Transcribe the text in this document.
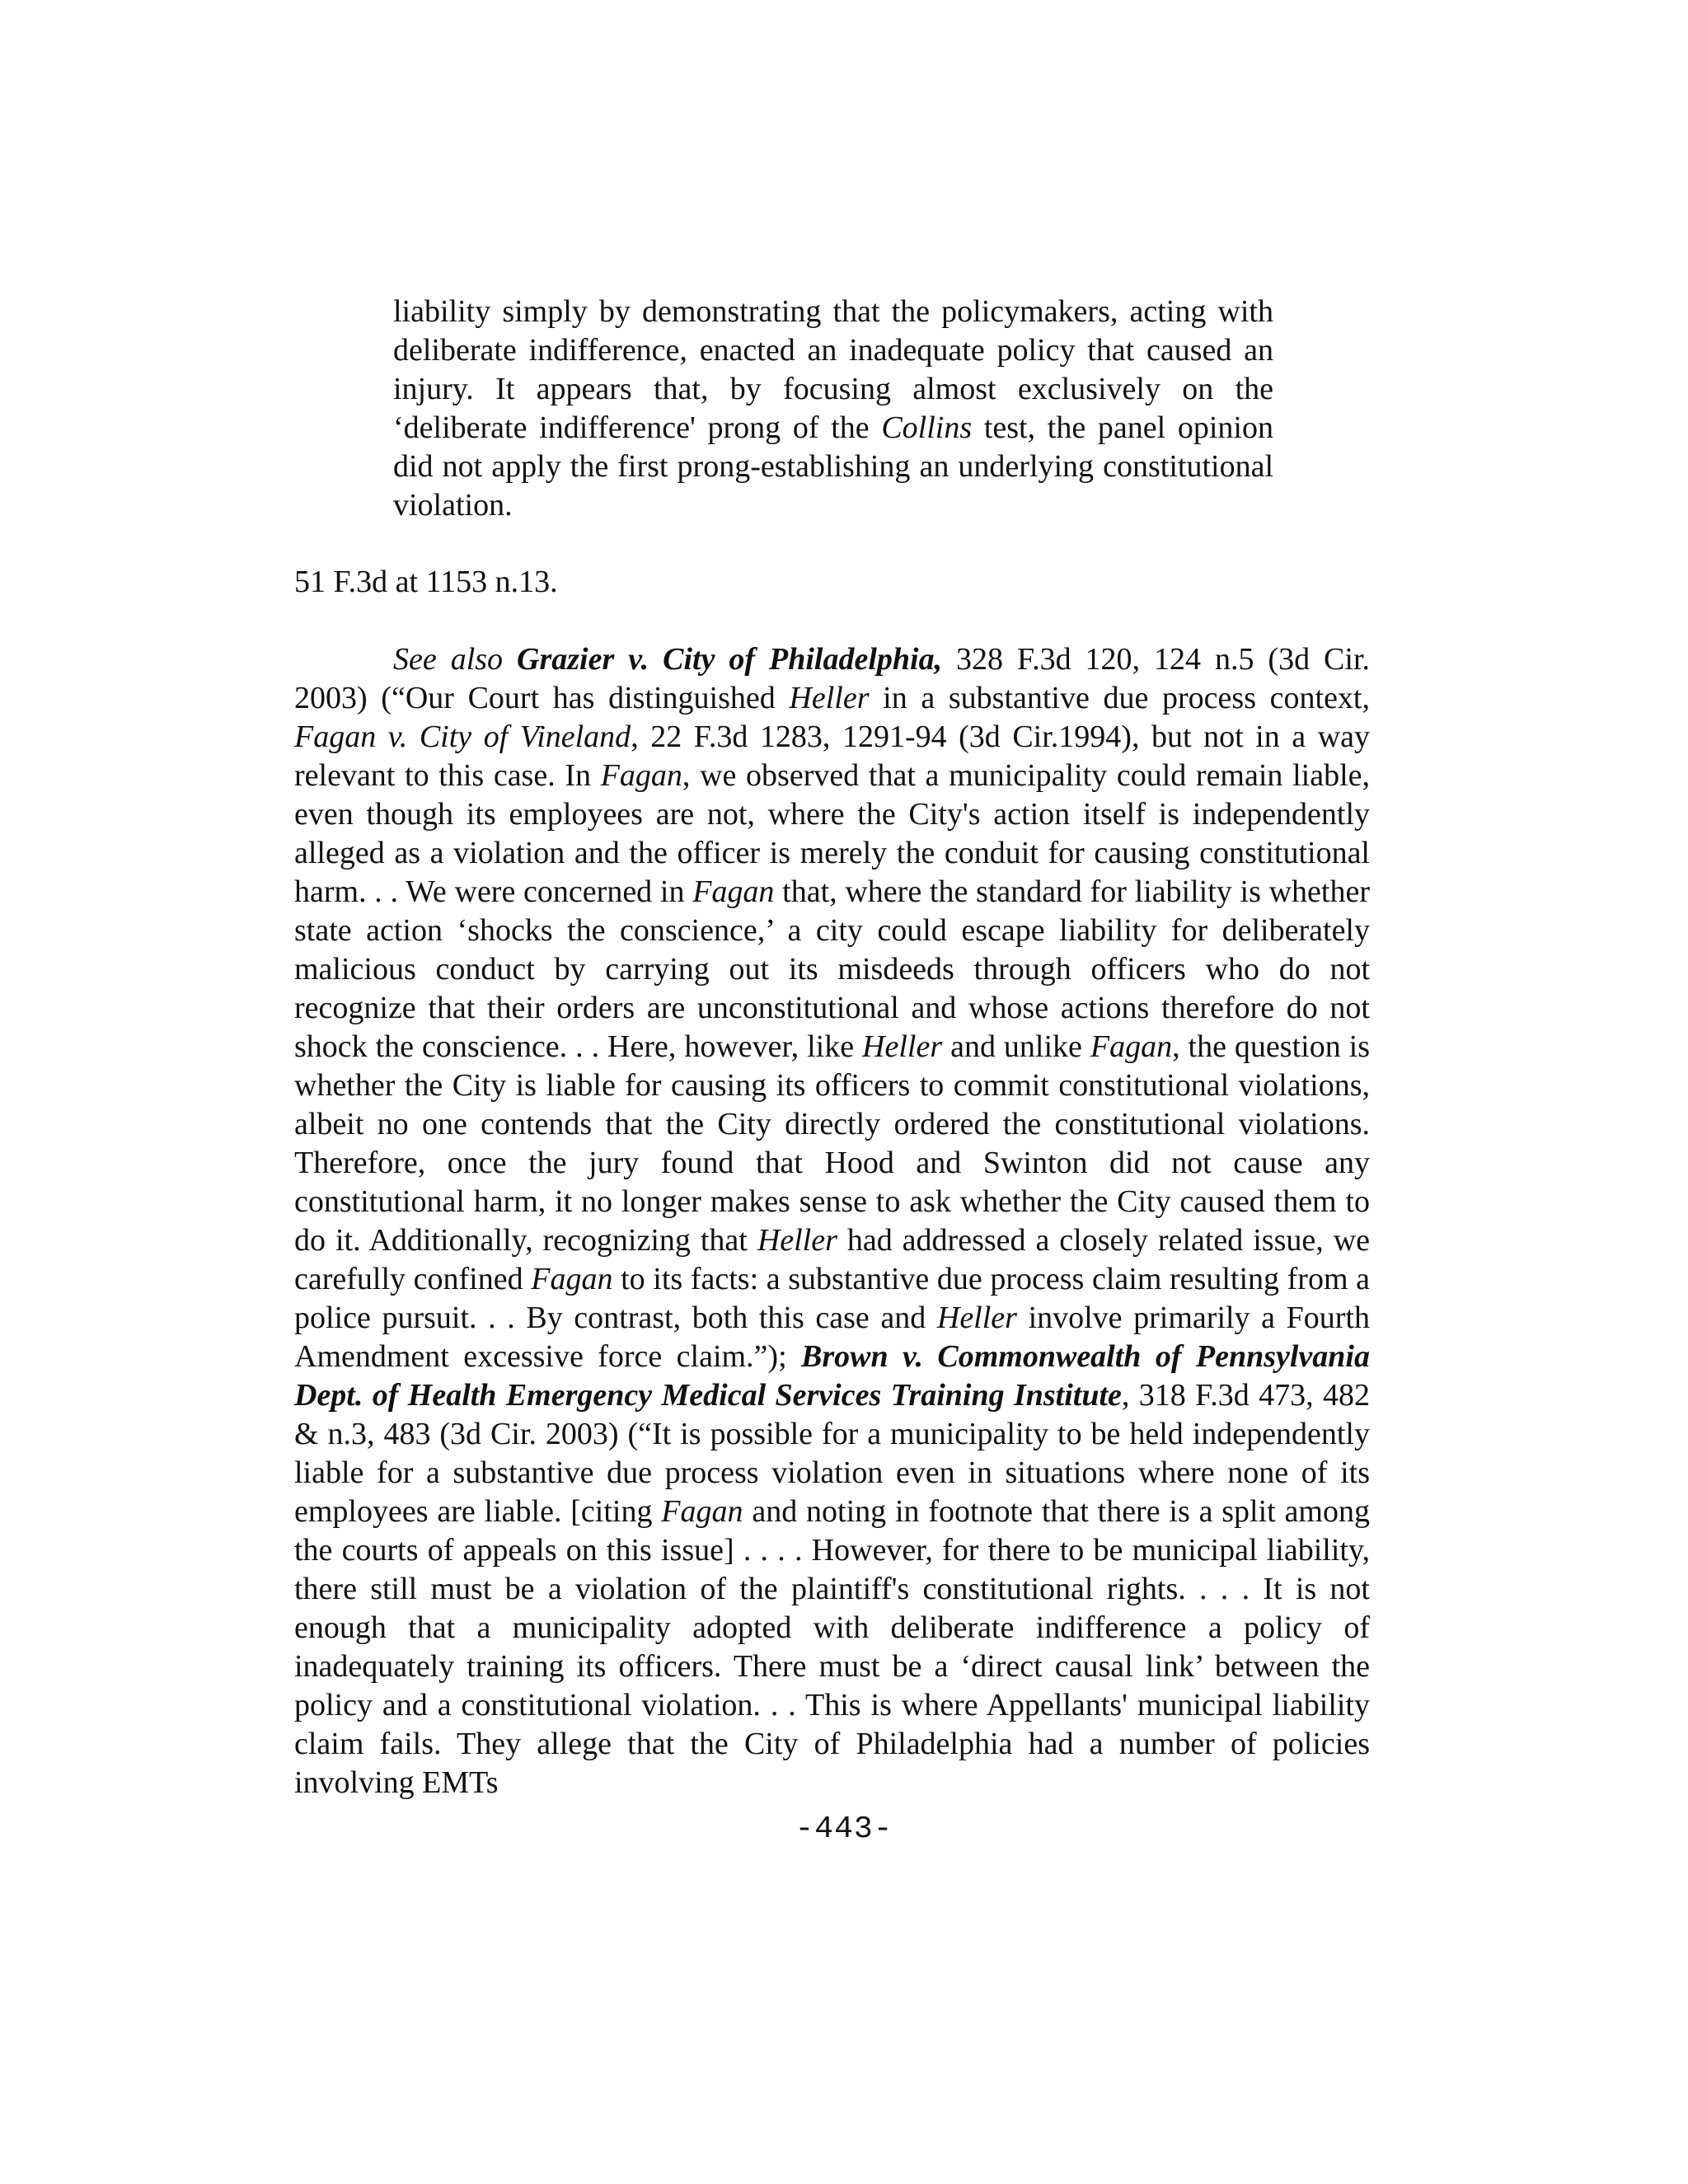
liability simply by demonstrating that the policymakers, acting with deliberate indifference, enacted an inadequate policy that caused an injury. It appears that, by focusing almost exclusively on the ‘deliberate indifference' prong of the Collins test, the panel opinion did not apply the first prong-establishing an underlying constitutional violation.
51 F.3d at 1153 n.13.
See also Grazier v. City of Philadelphia, 328 F.3d 120, 124 n.5 (3d Cir. 2003) (“Our Court has distinguished Heller in a substantive due process context, Fagan v. City of Vineland, 22 F.3d 1283, 1291-94 (3d Cir.1994), but not in a way relevant to this case. In Fagan, we observed that a municipality could remain liable, even though its employees are not, where the City's action itself is independently alleged as a violation and the officer is merely the conduit for causing constitutional harm. . . We were concerned in Fagan that, where the standard for liability is whether state action ‘shocks the conscience,’ a city could escape liability for deliberately malicious conduct by carrying out its misdeeds through officers who do not recognize that their orders are unconstitutional and whose actions therefore do not shock the conscience. . . Here, however, like Heller and unlike Fagan, the question is whether the City is liable for causing its officers to commit constitutional violations, albeit no one contends that the City directly ordered the constitutional violations. Therefore, once the jury found that Hood and Swinton did not cause any constitutional harm, it no longer makes sense to ask whether the City caused them to do it. Additionally, recognizing that Heller had addressed a closely related issue, we carefully confined Fagan to its facts: a substantive due process claim resulting from a police pursuit. . . By contrast, both this case and Heller involve primarily a Fourth Amendment excessive force claim.”); Brown v. Commonwealth of Pennsylvania Dept. of Health Emergency Medical Services Training Institute, 318 F.3d 473, 482 & n.3, 483 (3d Cir. 2003) (“It is possible for a municipality to be held independently liable for a substantive due process violation even in situations where none of its employees are liable. [citing Fagan and noting in footnote that there is a split among the courts of appeals on this issue] . . . . However, for there to be municipal liability, there still must be a violation of the plaintiff's constitutional rights. . . . It is not enough that a municipality adopted with deliberate indifference a policy of inadequately training its officers. There must be a ‘direct causal link’ between the policy and a constitutional violation. . . This is where Appellants' municipal liability claim fails. They allege that the City of Philadelphia had a number of policies involving EMTs
-443-
